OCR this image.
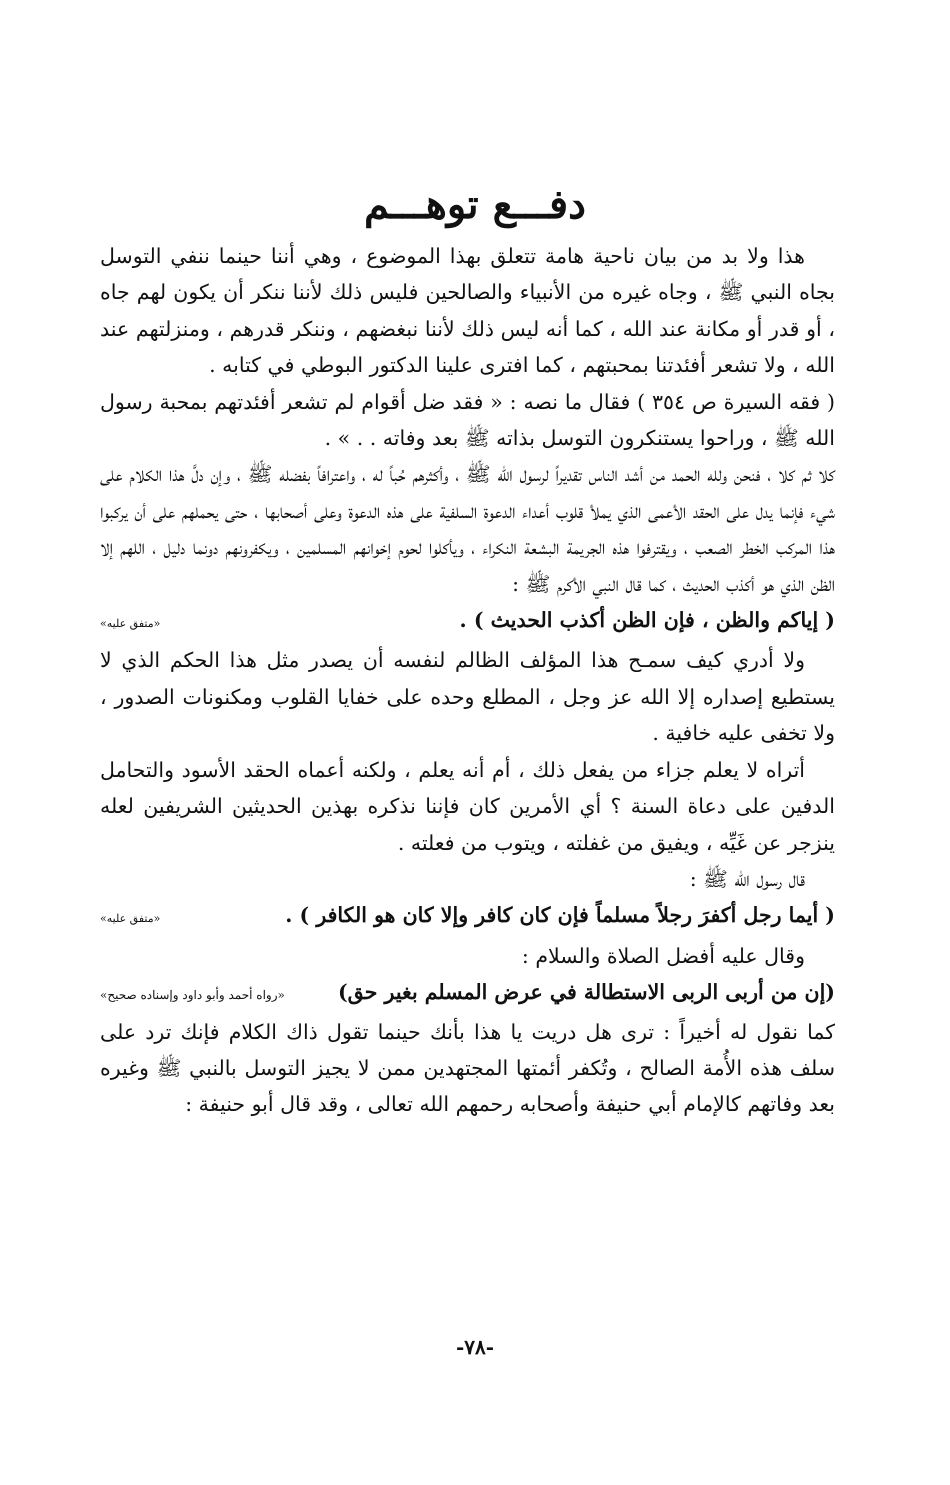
دفـــع توهـــم

هذا ولا بد من بيان ناحية هامة تتعلق بهذا الموضوع ، وهي أننا حينما ننفي التوسل بجاه النبي ﷺ ، وجاه غيره من الأنبياء والصالحين فليس ذلك لأننا ننكر أن يكون لهم جاه ، أو قدر أو مكانة عند الله ، كما أنه ليس ذلك لأننا نبغضهم ، وننكر قدرهم ، ومنزلتهم عند الله ، ولا تشعر أفئدتنا بمحبتهم ، كما افترى علينا الدكتور البوطي في كتابه .

( فقه السيرة ص ٣٥٤ ) فقال ما نصه : « فقد ضل أقوام لم تشعر أفئدتهم بمحبة رسول الله ﷺ ، وراحوا يستنكرون التوسل بذاته ﷺ بعد وفاته . . » .

كلا ثم كلا ، فنحن ولله الحمد من أشد الناس تقديراً لرسول الله ﷺ ، وأكثرهم حُباً له ، واعترافاً بفضله ﷺ ، وإن دلَّ هذا الكلام على شيء فإنما يدل على الحقد الأعمى الذي يملأ قلوب أعداء الدعوة السلفية على هذه الدعوة وعلى أصحابها ، حتى يحملهم على أن يركبوا هذا المركب الخطر الصعب ، ويقترفوا هذه الجريمة البشعة النكراء ، ويأكلوا لحوم إخوانهم المسلمين ، ويكفرونهم دونما دليل ، اللهم إلا الظن الذي هو أكذب الحديث ، كما قال النبي الأكرم ﷺ :

( إياكم والظن ، فإن الظن أكذب الحديث ) .
«متفق عليه»

ولا أدري كيف سمـح هذا المؤلف الظالم لنفسه أن يصدر مثل هذا الحكم الذي لا يستطيع إصداره إلا الله عز وجل ، المطلع وحده على خفايا القلوب ومكنونات الصدور ، ولا تخفى عليه خافية .

أتراه لا يعلم جزاء من يفعل ذلك ، أم أنه يعلم ، ولكنه أعماه الحقد الأسود والتحامل الدفين على دعاة السنة ؟ أي الأمرين كان فإننا نذكره بهذين الحديثين الشريفين لعله ينزجر عن غَيِّه ، ويفيق من غفلته ، ويتوب من فعلته .

قال رسول الله ﷺ :

( أيما رجل أكفرَ رجلاً مسلماً فإن كان كافر وإلا كان هو الكافر ) .
«متفق عليه»

وقال عليه أفضل الصلاة والسلام :

(إن من أربى الربى الاستطالة في عرض المسلم بغير حق)
«رواه أحمد وأبو داود وإسناده صحيح»

كما نقول له أخيراً : ترى هل دريت يا هذا بأنك حينما تقول ذاك الكلام فإنك ترد على سلف هذه الأُمة الصالح ، وتُكفر أئمتها المجتهدين ممن لا يجيز التوسل بالنبي ﷺ وغيره بعد وفاتهم كالإمام أبي حنيفة وأصحابه رحمهم الله تعالى ، وقد قال أبو حنيفة :

-٧٨-
